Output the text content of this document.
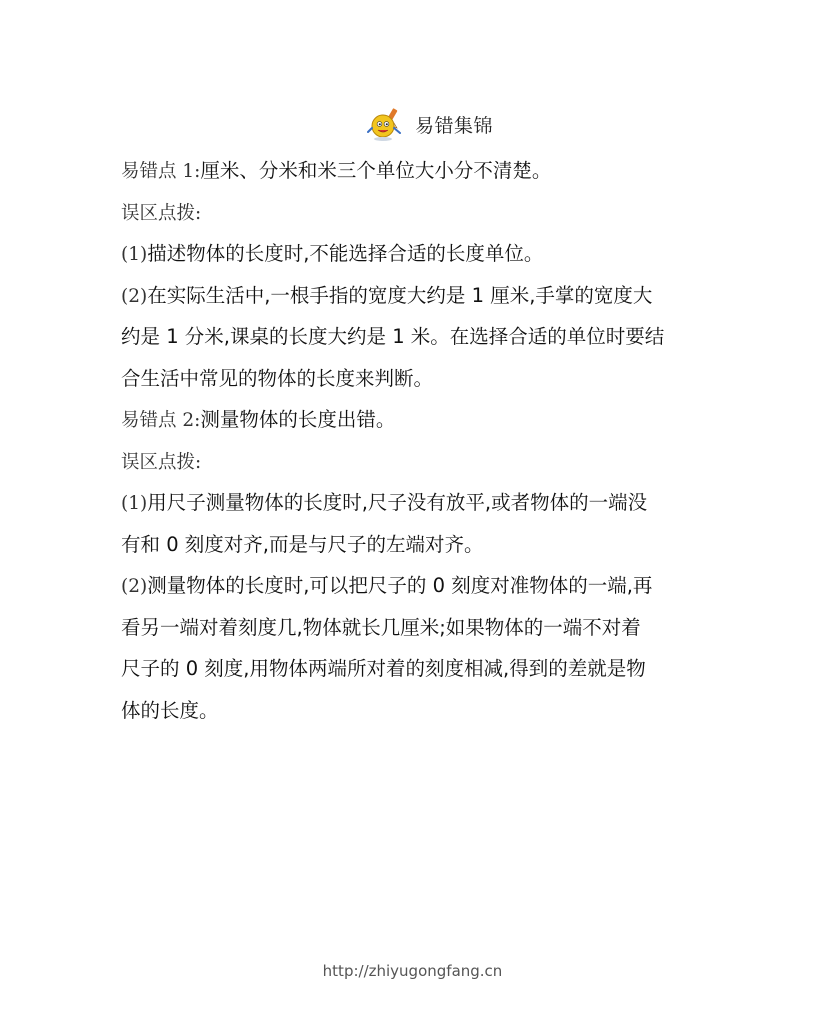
易错集锦
易错点 1:厘米、分米和米三个单位大小分不清楚。
误区点拨:
(1)描述物体的长度时,不能选择合适的长度单位。
(2)在实际生活中,一根手指的宽度大约是 1 厘米,手掌的宽度大
约是 1 分米,课桌的长度大约是 1 米。在选择合适的单位时要结
合生活中常见的物体的长度来判断。
易错点 2:测量物体的长度出错。
误区点拨:
(1)用尺子测量物体的长度时,尺子没有放平,或者物体的一端没
有和 0 刻度对齐,而是与尺子的左端对齐。
(2)测量物体的长度时,可以把尺子的 0 刻度对准物体的一端,再
看另一端对着刻度几,物体就长几厘米;如果物体的一端不对着
尺子的 0 刻度,用物体两端所对着的刻度相减,得到的差就是物
体的长度。
http://zhiyugongfang.cn
